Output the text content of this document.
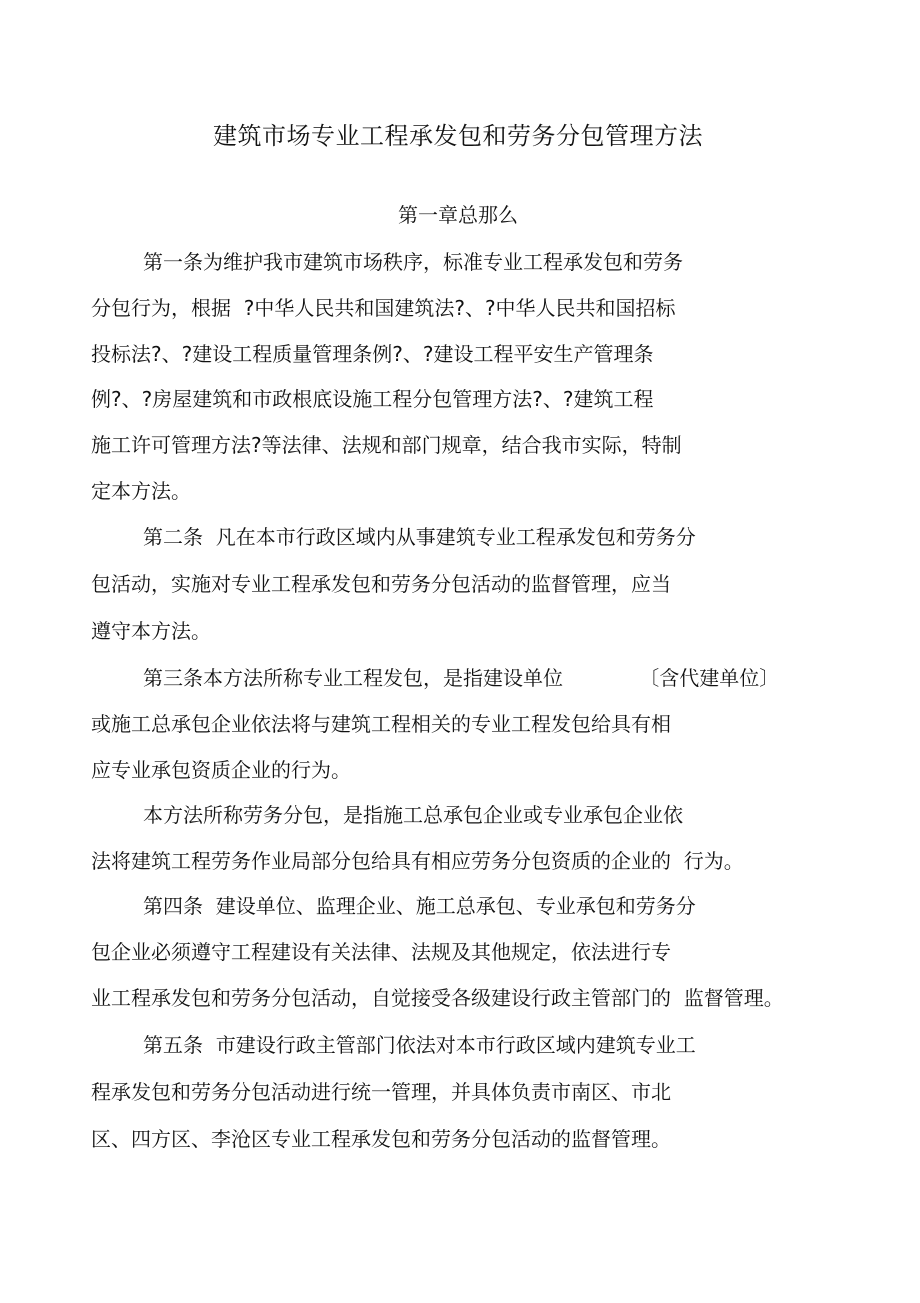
建筑市场专业工程承发包和劳务分包管理方法
第一章总那么
第一条为维护我市建筑市场秩序，标准专业工程承发包和劳务
分包行为，根据  ?中华人民共和国建筑法?、?中华人民共和国招标
投标法?、?建设工程质量管理条例?、?建设工程平安生产管理条
例?、?房屋建筑和市政根底设施工程分包管理方法?、?建筑工程
施工许可管理方法?等法律、法规和部门规章，结合我市实际，特制
定本方法。
第二条  凡在本市行政区域内从事建筑专业工程承发包和劳务分
包活动，实施对专业工程承发包和劳务分包活动的监督管理，应当
遵守本方法。
第三条本方法所称专业工程发包，是指建设单位            〔含代建单位〕
或施工总承包企业依法将与建筑工程相关的专业工程发包给具有相
应专业承包资质企业的行为。
本方法所称劳务分包，是指施工总承包企业或专业承包企业依
法将建筑工程劳务作业局部分包给具有相应劳务分包资质的企业的  行为。
第四条  建设单位、监理企业、施工总承包、专业承包和劳务分
包企业必须遵守工程建设有关法律、法规及其他规定，依法进行专
业工程承发包和劳务分包活动，自觉接受各级建设行政主管部门的  监督管理。
第五条  市建设行政主管部门依法对本市行政区域内建筑专业工
程承发包和劳务分包活动进行统一管理，并具体负责市南区、市北
区、四方区、李沧区专业工程承发包和劳务分包活动的监督管理。
